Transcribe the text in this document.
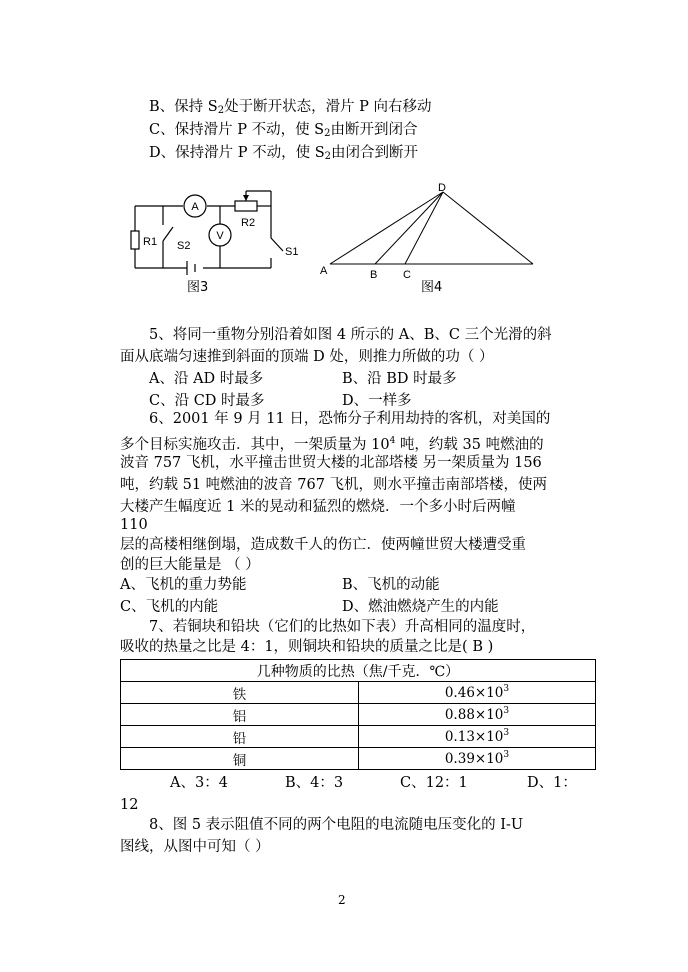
B、保持 $S_2$处于断开状态，滑片 P 向右移动
C、保持滑片 P 不动，使 $S_2$由断开到闭合
D、保持滑片 P 不动，使 $S_2$由闭合到断开
A
V
R1 S2
R2
S1
图3
D
A	B C
图4
5、将同一重物分别沿着如图 4 所示的 A、B、C 三个光滑的斜
面从底端匀速推到斜面的顶端 D 处，则推力所做的功（ ）
A、沿 AD 时最多	B、沿 BD 时最多
C、沿 CD 时最多	D、一样多
6、2001 年 9 月 11 日，恐怖分子利用劫持的客机，对美国的
多个目标实施攻击．其中，一架质量为 $10^4$ 吨，约载 35 吨燃油的
波音 757 飞机，水平撞击世贸大楼的北部塔楼 另一架质量为 156
吨，约载 51 吨燃油的波音 767 飞机，则水平撞击南部塔楼，使两
大楼产生幅度近 1 米的晃动和猛烈的燃烧．一个多小时后两幢
110
层的高楼相继倒塌，造成数千人的伤亡．使两幢世贸大楼遭受重
创的巨大能量是 （ ）
A、飞机的重力势能	B、飞机的动能
C、飞机的内能	D、燃油燃烧产生的内能
7、若铜块和铅块（它们的比热如下表）升高相同的温度时，
吸收的热量之比是 4：1，则铜块和铅块的质量之比是( B )
几种物质的比热（焦/千克．℃）	
铁	$0.46\times 10^3$
铝	$0.88\times 10^3$
铅	$0.13\times 10^3$
铜	$0.39\times 10^3$
A、3：4	B、4：3	C、12：1	D、1：
12
8、图 5 表示阻值不同的两个电阻的电流随电压变化的 I-U
图线，从图中可知（ ）
2
